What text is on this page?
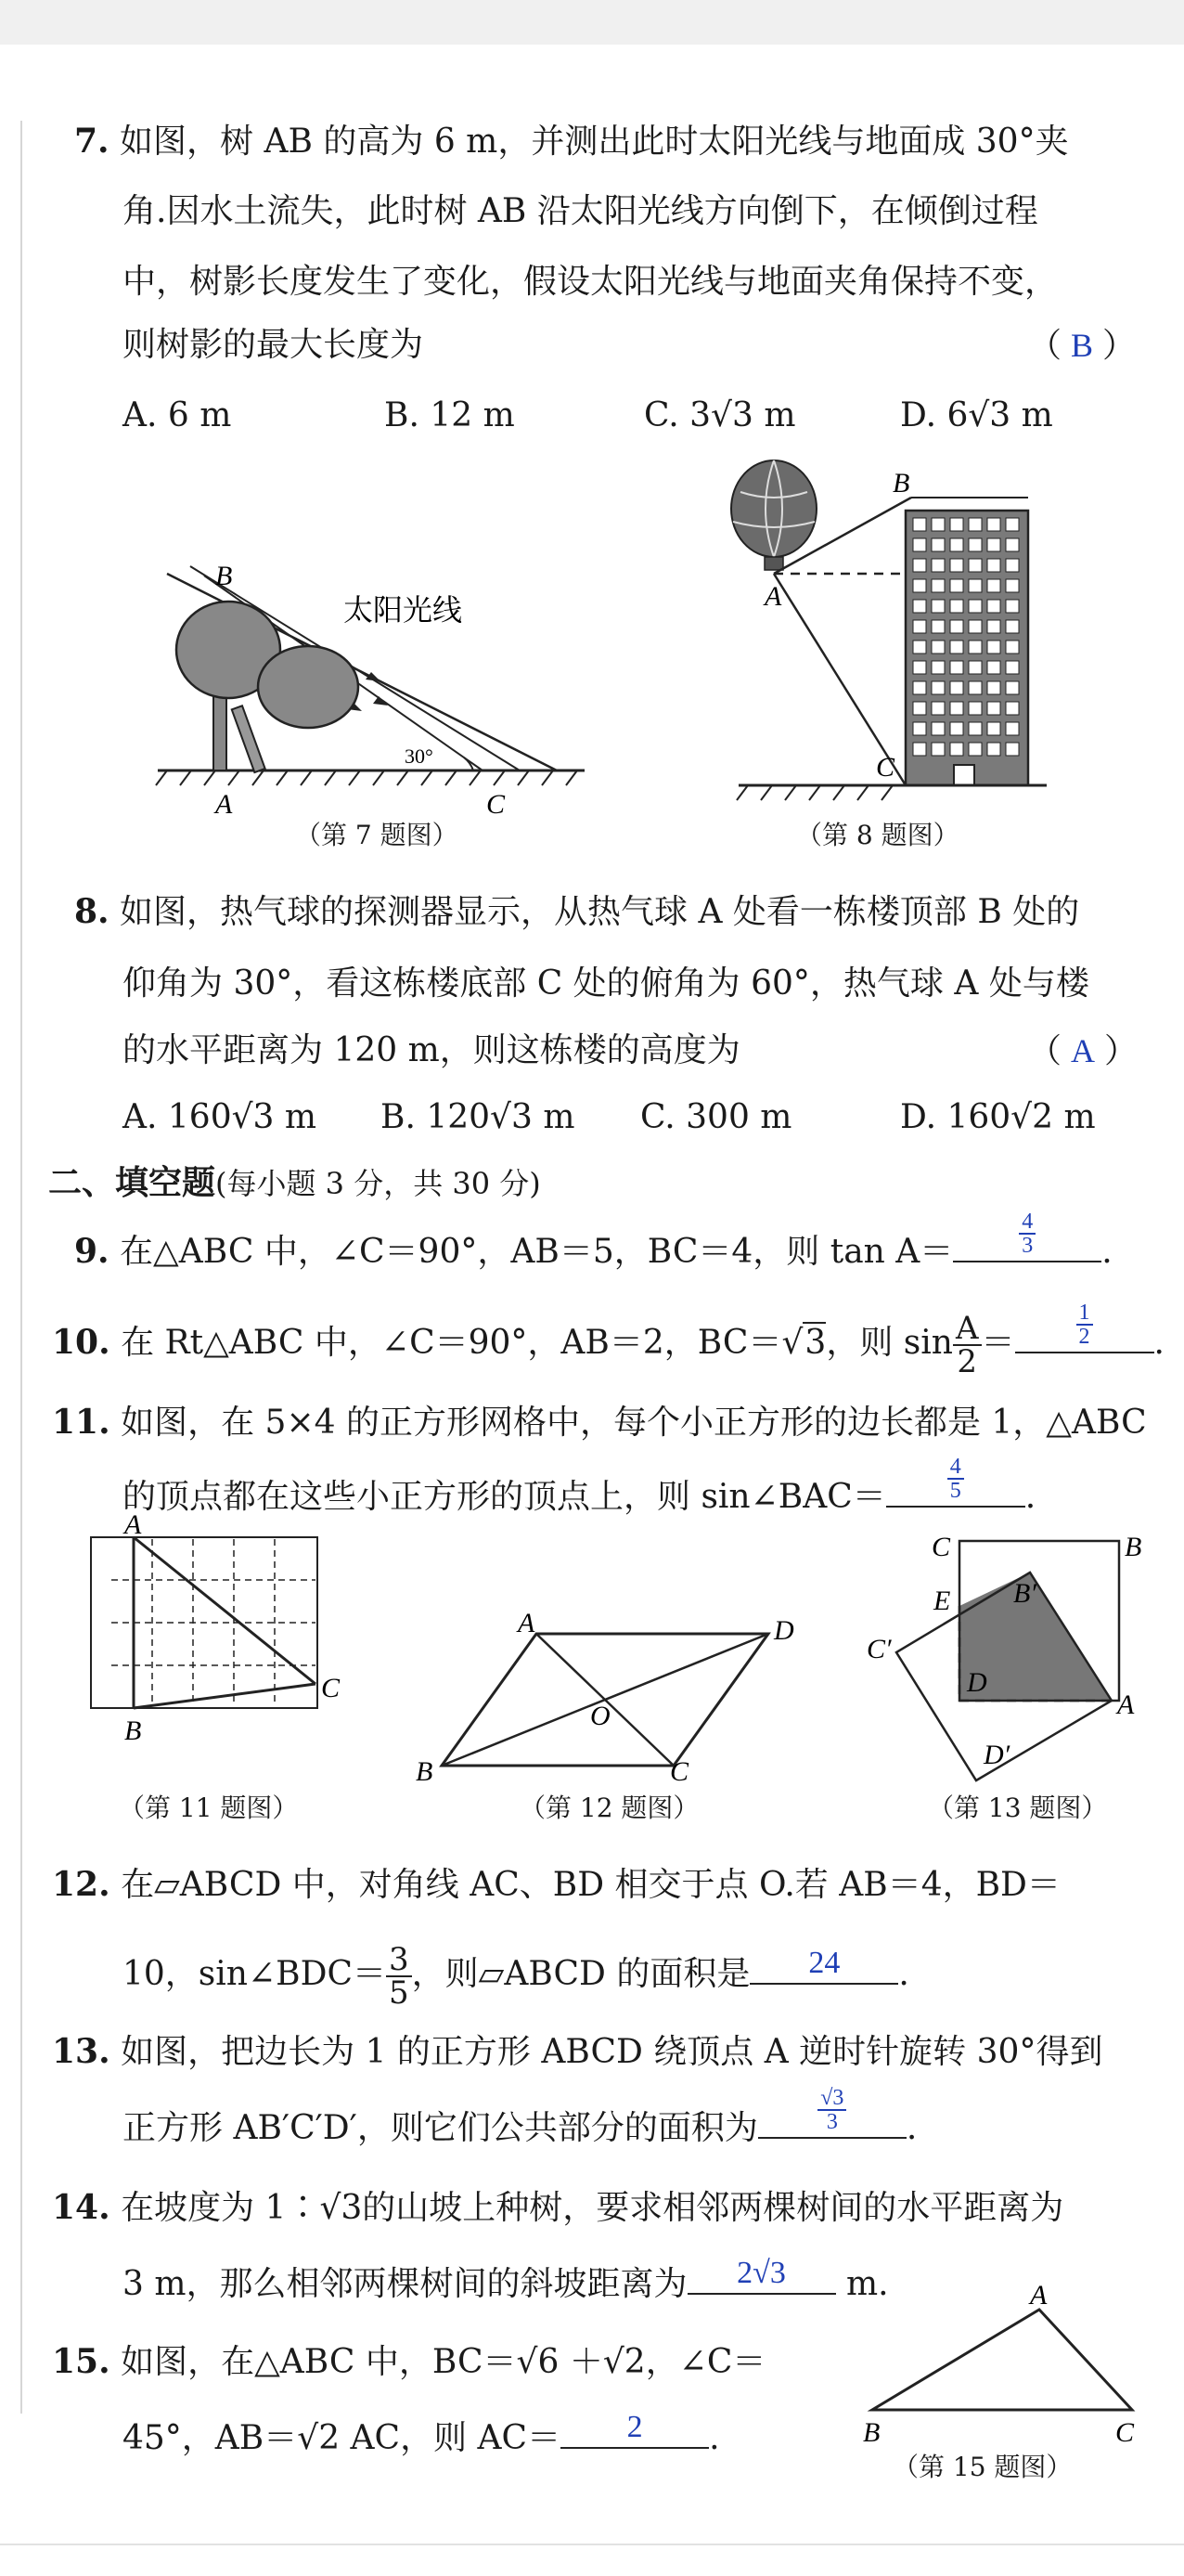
7. 如图，树 AB 的高为 6 m，并测出此时太阳光线与地面成 30°夹
角.因水土流失，此时树 AB 沿太阳光线方向倒下，在倾倒过程
中，树影长度发生了变化，假设太阳光线与地面夹角保持不变，
则树影的最大长度为	（ B ）
A. 6 m	B. 12 m	C. 3√3 m	D. 6√3 m
B
A	C
太阳光线
30°
（第 7 题图）
B
A
C
（第 8 题图）
8. 如图，热气球的探测器显示，从热气球 A 处看一栋楼顶部 B 处的
仰角为 30°，看这栋楼底部 C 处的俯角为 60°，热气球 A 处与楼
的水平距离为 120 m，则这栋楼的高度为	（ A ）
A. 160√3 m B. 120√3 m C. 300 m	D. 160√2 m
二、填空题(每小题 3 分，共 30 分)
9. 在△ABC 中，∠C＝90°，AB＝5，BC＝4，则 tan A＝	$\frac{4}{3}$ .
10. 在 Rt△ABC 中，∠C＝90°，AB＝2，BC＝√3，则 $\sin \frac{A}{2}$ ＝	$\frac{1}{2}$ .
11. 如图，在 5×4 的正方形网格中，每个小正方形的边长都是 1，△ABC
的顶点都在这些小正方形的顶点上，则 sin∠BAC＝	$\frac{4}{5}$ .
A
B
C
（第 11 题图）
A	D
O
B	C
（第 12 题图）
C	B
E B′
C′
D
A
D′
（第 13 题图）
12. 在▱ABCD 中，对角线 AC、BD 相交于点 O.若 AB＝4，BD＝
10，sin∠BDC＝ $\frac{3}{5}$ ，则▱ABCD 的面积是	24	.
13. 如图，把边长为 1 的正方形 ABCD 绕顶点 A 逆时针旋转 30°得到
正方形 AB′C′D′，则它们公共部分的面积为	$\frac{√3}{3}$ .
14. 在坡度为 1∶√3的山坡上种树，要求相邻两棵树间的水平距离为
3 m，那么相邻两棵树间的斜坡距离为	2√3	m.
15. 如图，在△ABC 中，BC＝√6 ＋√2，∠C＝
45°，AB＝√2 AC，则 AC＝	2	.
A
B	C
（第 15 题图）
